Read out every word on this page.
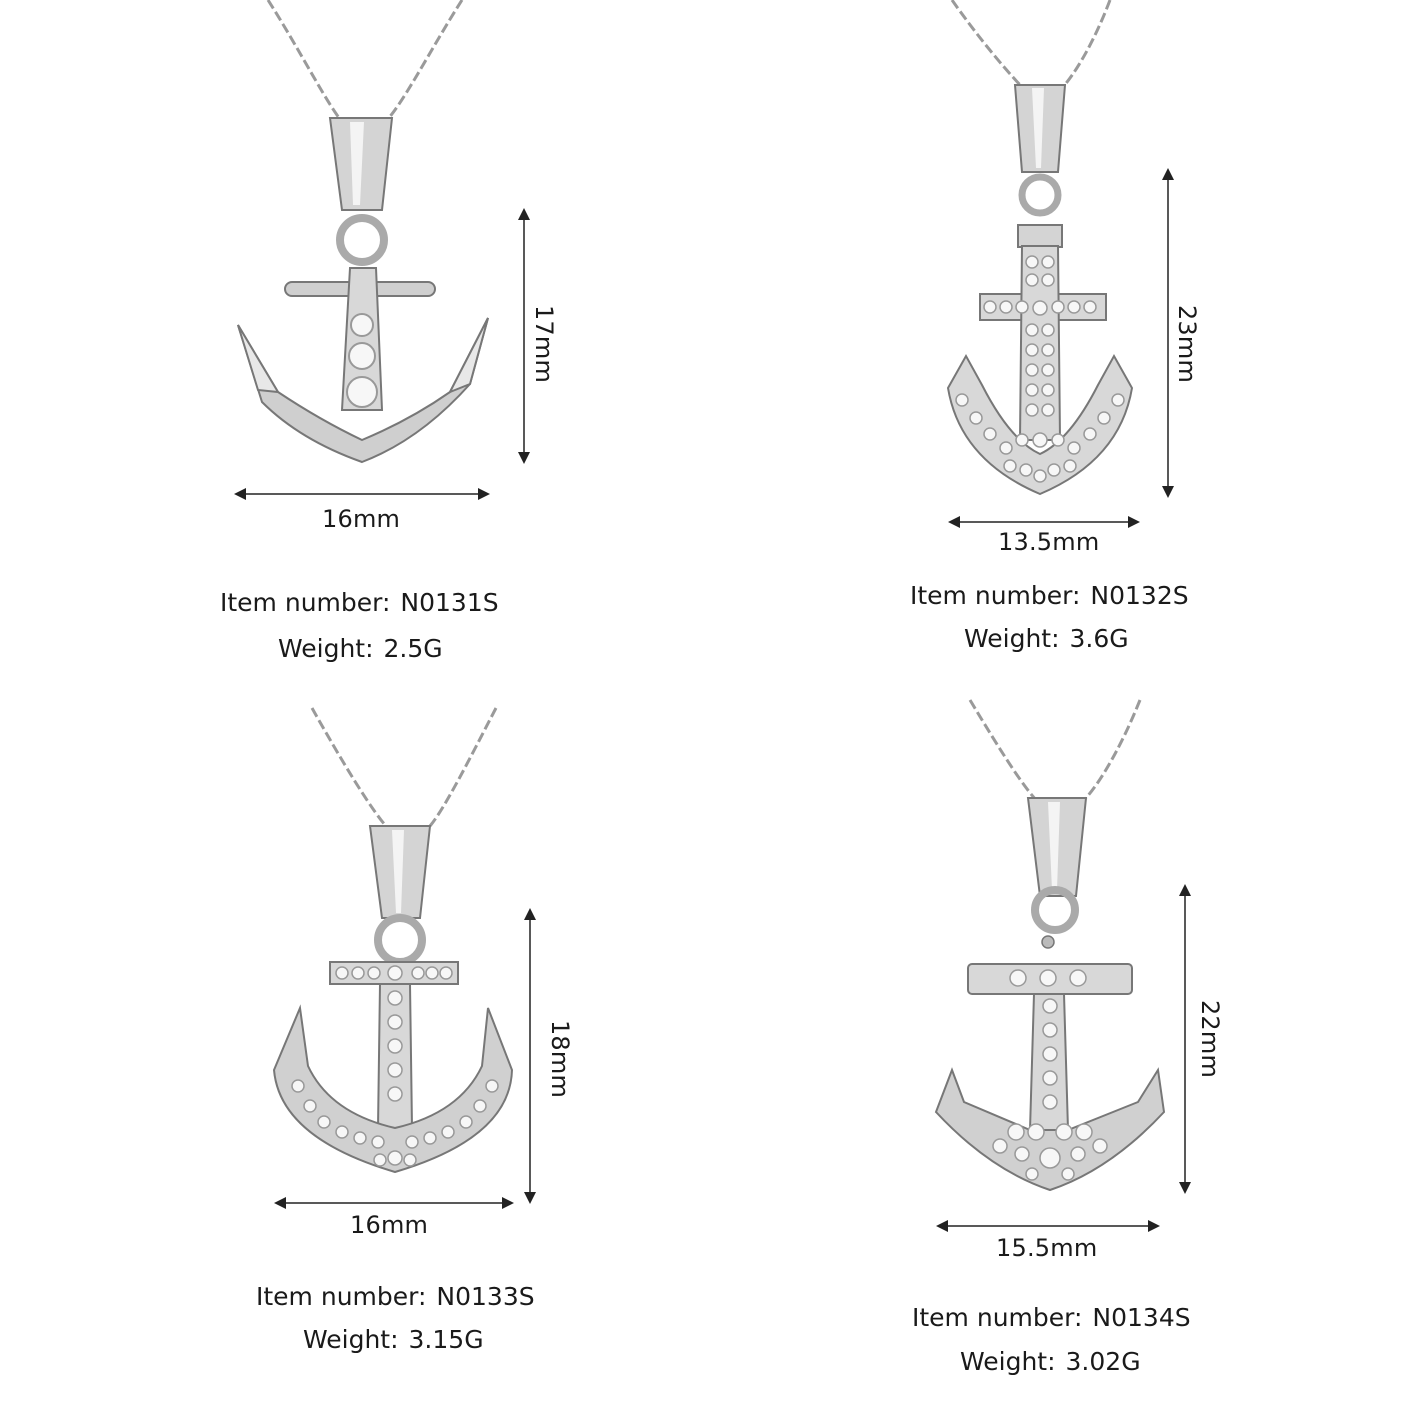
17mm
16mm
Item number: N0131S
Weight: 2.5G
23mm
13.5mm
Item number: N0132S
Weight: 3.6G
18mm
16mm
Item number: N0133S
Weight: 3.15G
22mm
15.5mm
Item number: N0134S
Weight: 3.02G
